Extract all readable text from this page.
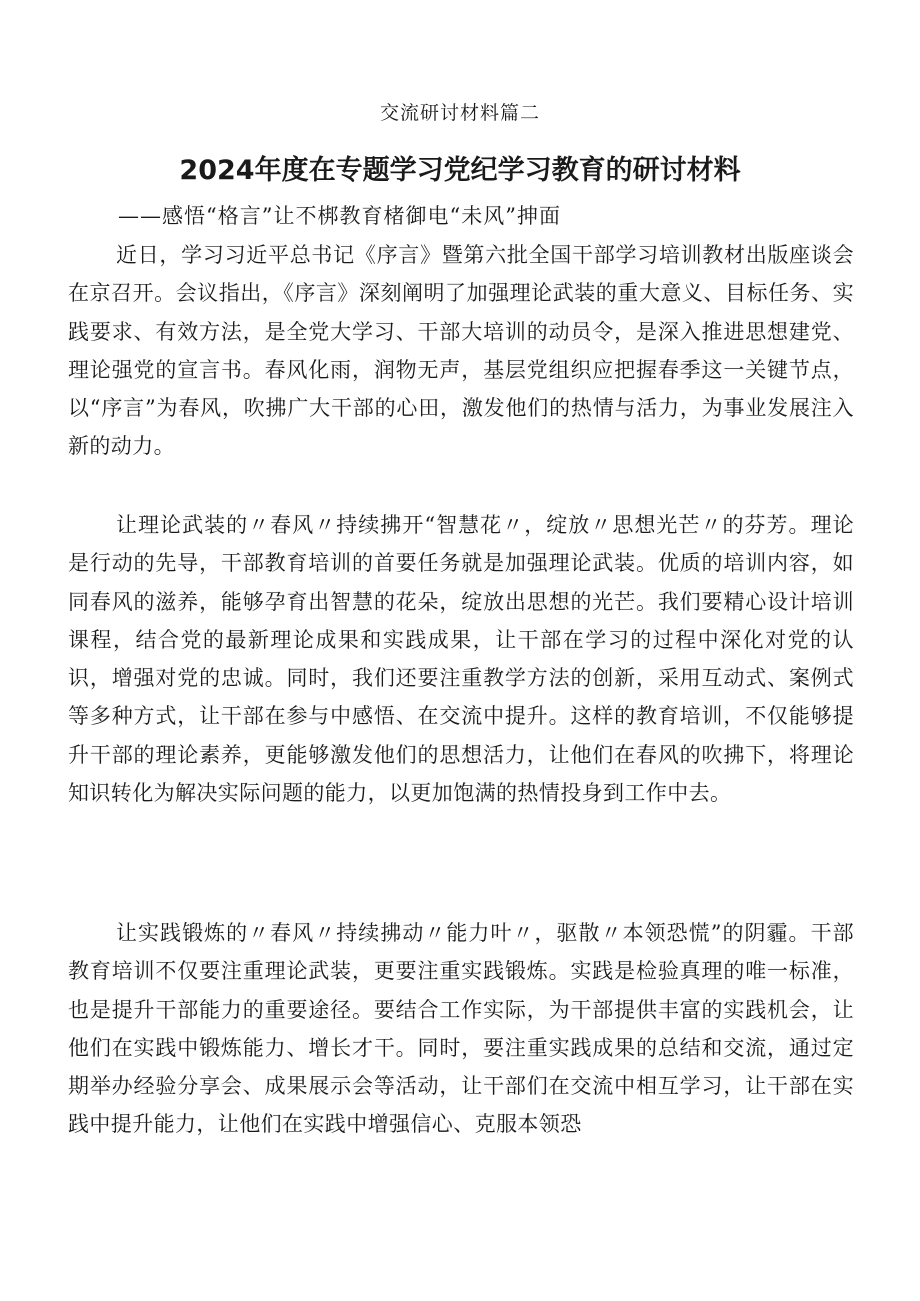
交流研讨材料篇二
2024年度在专题学习党纪学习教育的研讨材料
——感悟“格言”让不梆教育楮御电“未风”抻面

近日，学习习近平总书记《序言》暨第六批全国干部学习培训教材出版座谈会在京召开。会议指出，《序言》深刻阐明了加强理论武装的重大意义、目标任务、实践要求、有效方法，是全党大学习、干部大培训的动员令，是深入推进思想建党、理论强党的宣言书。春风化雨，润物无声，基层党组织应把握春季这一关键节点，以“序言”为春风，吹拂广大干部的心田，激发他们的热情与活力，为事业发展注入新的动力。

让理论武装的〃春风〃持续拂开“智慧花〃，绽放〃思想光芒〃的芬芳。理论是行动的先导，干部教育培训的首要任务就是加强理论武装。优质的培训内容，如同春风的滋养，能够孕育出智慧的花朵，绽放出思想的光芒。我们要精心设计培训课程，结合党的最新理论成果和实践成果，让干部在学习的过程中深化对党的认识，增强对党的忠诚。同时，我们还要注重教学方法的创新，采用互动式、案例式等多种方式，让干部在参与中感悟、在交流中提升。这样的教育培训，不仅能够提升干部的理论素养，更能够激发他们的思想活力，让他们在春风的吹拂下，将理论知识转化为解决实际问题的能力，以更加饱满的热情投身到工作中去。

让实践锻炼的〃春风〃持续拂动〃能力叶〃，驱散〃本领恐慌”的阴霾。干部教育培训不仅要注重理论武装，更要注重实践锻炼。实践是检验真理的唯一标准，也是提升干部能力的重要途径。要结合工作实际，为干部提供丰富的实践机会，让他们在实践中锻炼能力、增长才干。同时，要注重实践成果的总结和交流，通过定期举办经验分享会、成果展示会等活动，让干部们在交流中相互学习，让干部在实践中提升能力，让他们在实践中增强信心、克服本领恐
